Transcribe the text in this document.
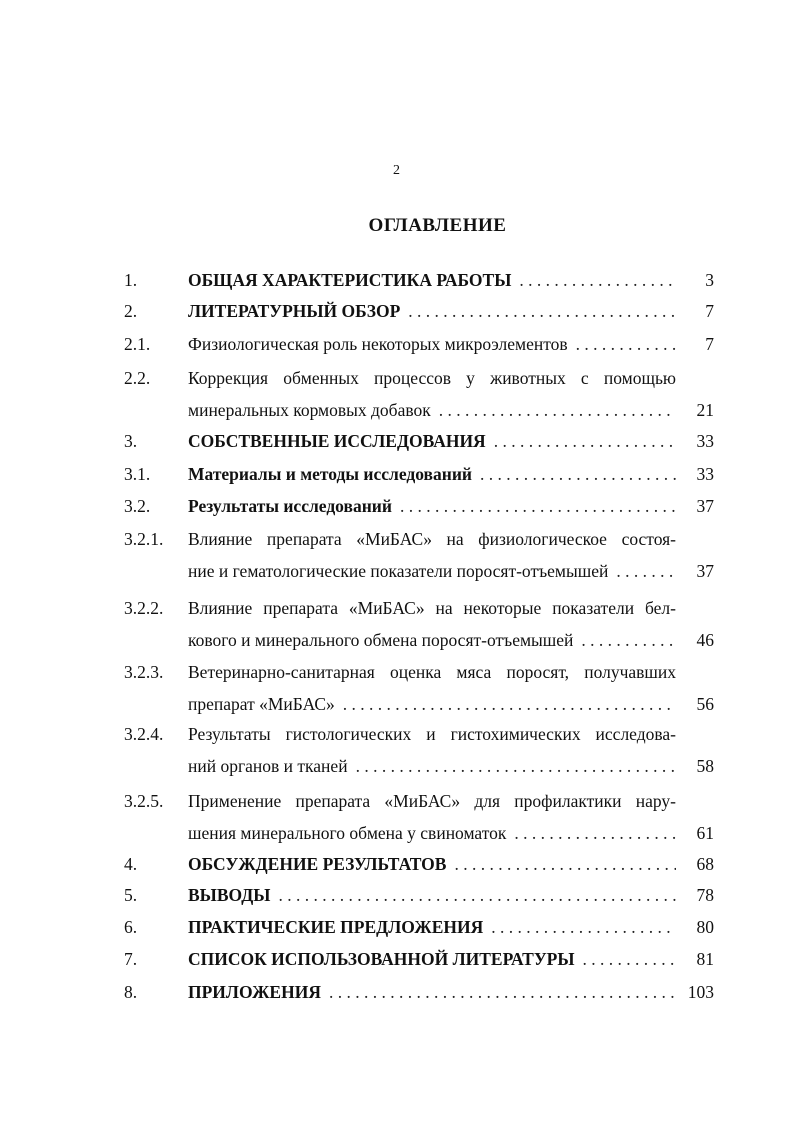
2
ОГЛАВЛЕНИЕ
1.	ОБЩАЯ ХАРАКТЕРИСТИКА РАБОТЫ . . .	3
2.	ЛИТЕРАТУРНЫЙ ОБЗОР . . .	7
2.1. Физиологическая роль некоторых микроэлементов . . .	7
2.2. Коррекция обменных процессов у животных с помощью
минеральных кормовых добавок . . .	21
3.	СОБСТВЕННЫЕ ИССЛЕДОВАНИЯ . . .	33
3.1. Материалы и методы исследований . . .	33
3.2. Результаты исследований . . .	37
3.2.1. Влияние препарата «МиБАС» на физиологическое состоя-
ние и гематологические показатели поросят-отъемышей . . .	37
3.2.2. Влияние препарата «МиБАС» на некоторые показатели бел-
кового и минерального обмена поросят-отъемышей . . .	46
3.2.3. Ветеринарно-санитарная оценка мяса поросят, получавших
препарат «МиБАС» . . .	56
3.2.4. Результаты гистологических и гистохимических исследова-
ний органов и тканей . . .	58
3.2.5. Применение препарата «МиБАС» для профилактики нару-
шения минерального обмена у свиноматок . . .	61
4.	ОБСУЖДЕНИЕ РЕЗУЛЬТАТОВ . . .	68
5.	ВЫВОДЫ . . .	78
6.	ПРАКТИЧЕСКИЕ ПРЕДЛОЖЕНИЯ . . .	80
7.	СПИСОК ИСПОЛЬЗОВАННОЙ ЛИТЕРАТУРЫ . . .	81
8.	ПРИЛОЖЕНИЯ . . .	103
